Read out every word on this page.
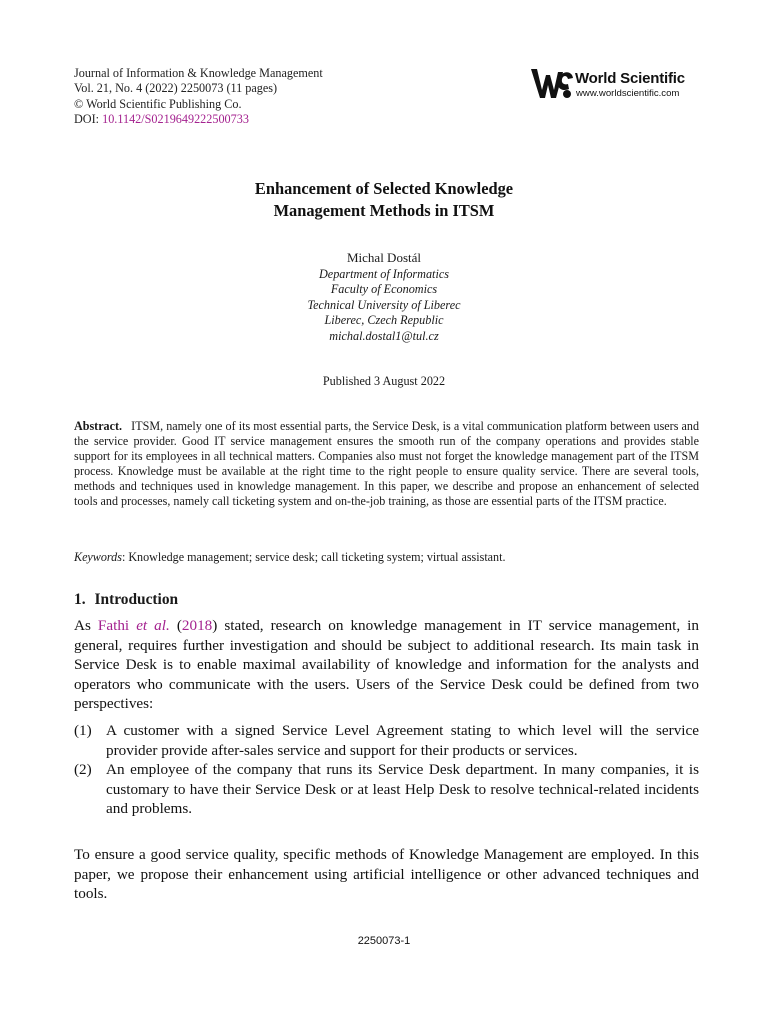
Journal of Information & Knowledge Management
Vol. 21, No. 4 (2022) 2250073 (11 pages)
© World Scientific Publishing Co.
DOI: 10.1142/S0219649222500733
World Scientific
www.worldscientific.com
Enhancement of Selected Knowledge
Management Methods in ITSM
Michal Dostál
Department of Informatics
Faculty of Economics
Technical University of Liberec
Liberec, Czech Republic
michal.dostal1@tul.cz
Published 3 August 2022
Abstract. ITSM, namely one of its most essential parts, the Service Desk, is a vital communication platform between users and the service provider. Good IT service management ensures the smooth run of the company operations and provides stable support for its employees in all technical matters. Companies also must not forget the knowledge management part of the ITSM process. Knowledge must be available at the right time to the right people to ensure quality service. There are several tools, methods and techniques used in knowledge management. In this paper, we describe and propose an enhancement of selected tools and processes, namely call ticketing system and on-the-job training, as those are essential parts of the ITSM practice.
Keywords: Knowledge management; service desk; call ticketing system; virtual assistant.
1. Introduction
As Fathi et al. (2018) stated, research on knowledge management in IT service management, in general, requires further investigation and should be subject to additional research. Its main task in Service Desk is to enable maximal availability of knowledge and information for the analysts and operators who communicate with the users. Users of the Service Desk could be defined from two perspectives:
(1) A customer with a signed Service Level Agreement stating to which level will the service provider provide after-sales service and support for their products or services.
(2) An employee of the company that runs its Service Desk department. In many companies, it is customary to have their Service Desk or at least Help Desk to resolve technical-related incidents and problems.
To ensure a good service quality, specific methods of Knowledge Management are employed. In this paper, we propose their enhancement using artificial intelligence or other advanced techniques and tools.
2250073-1
